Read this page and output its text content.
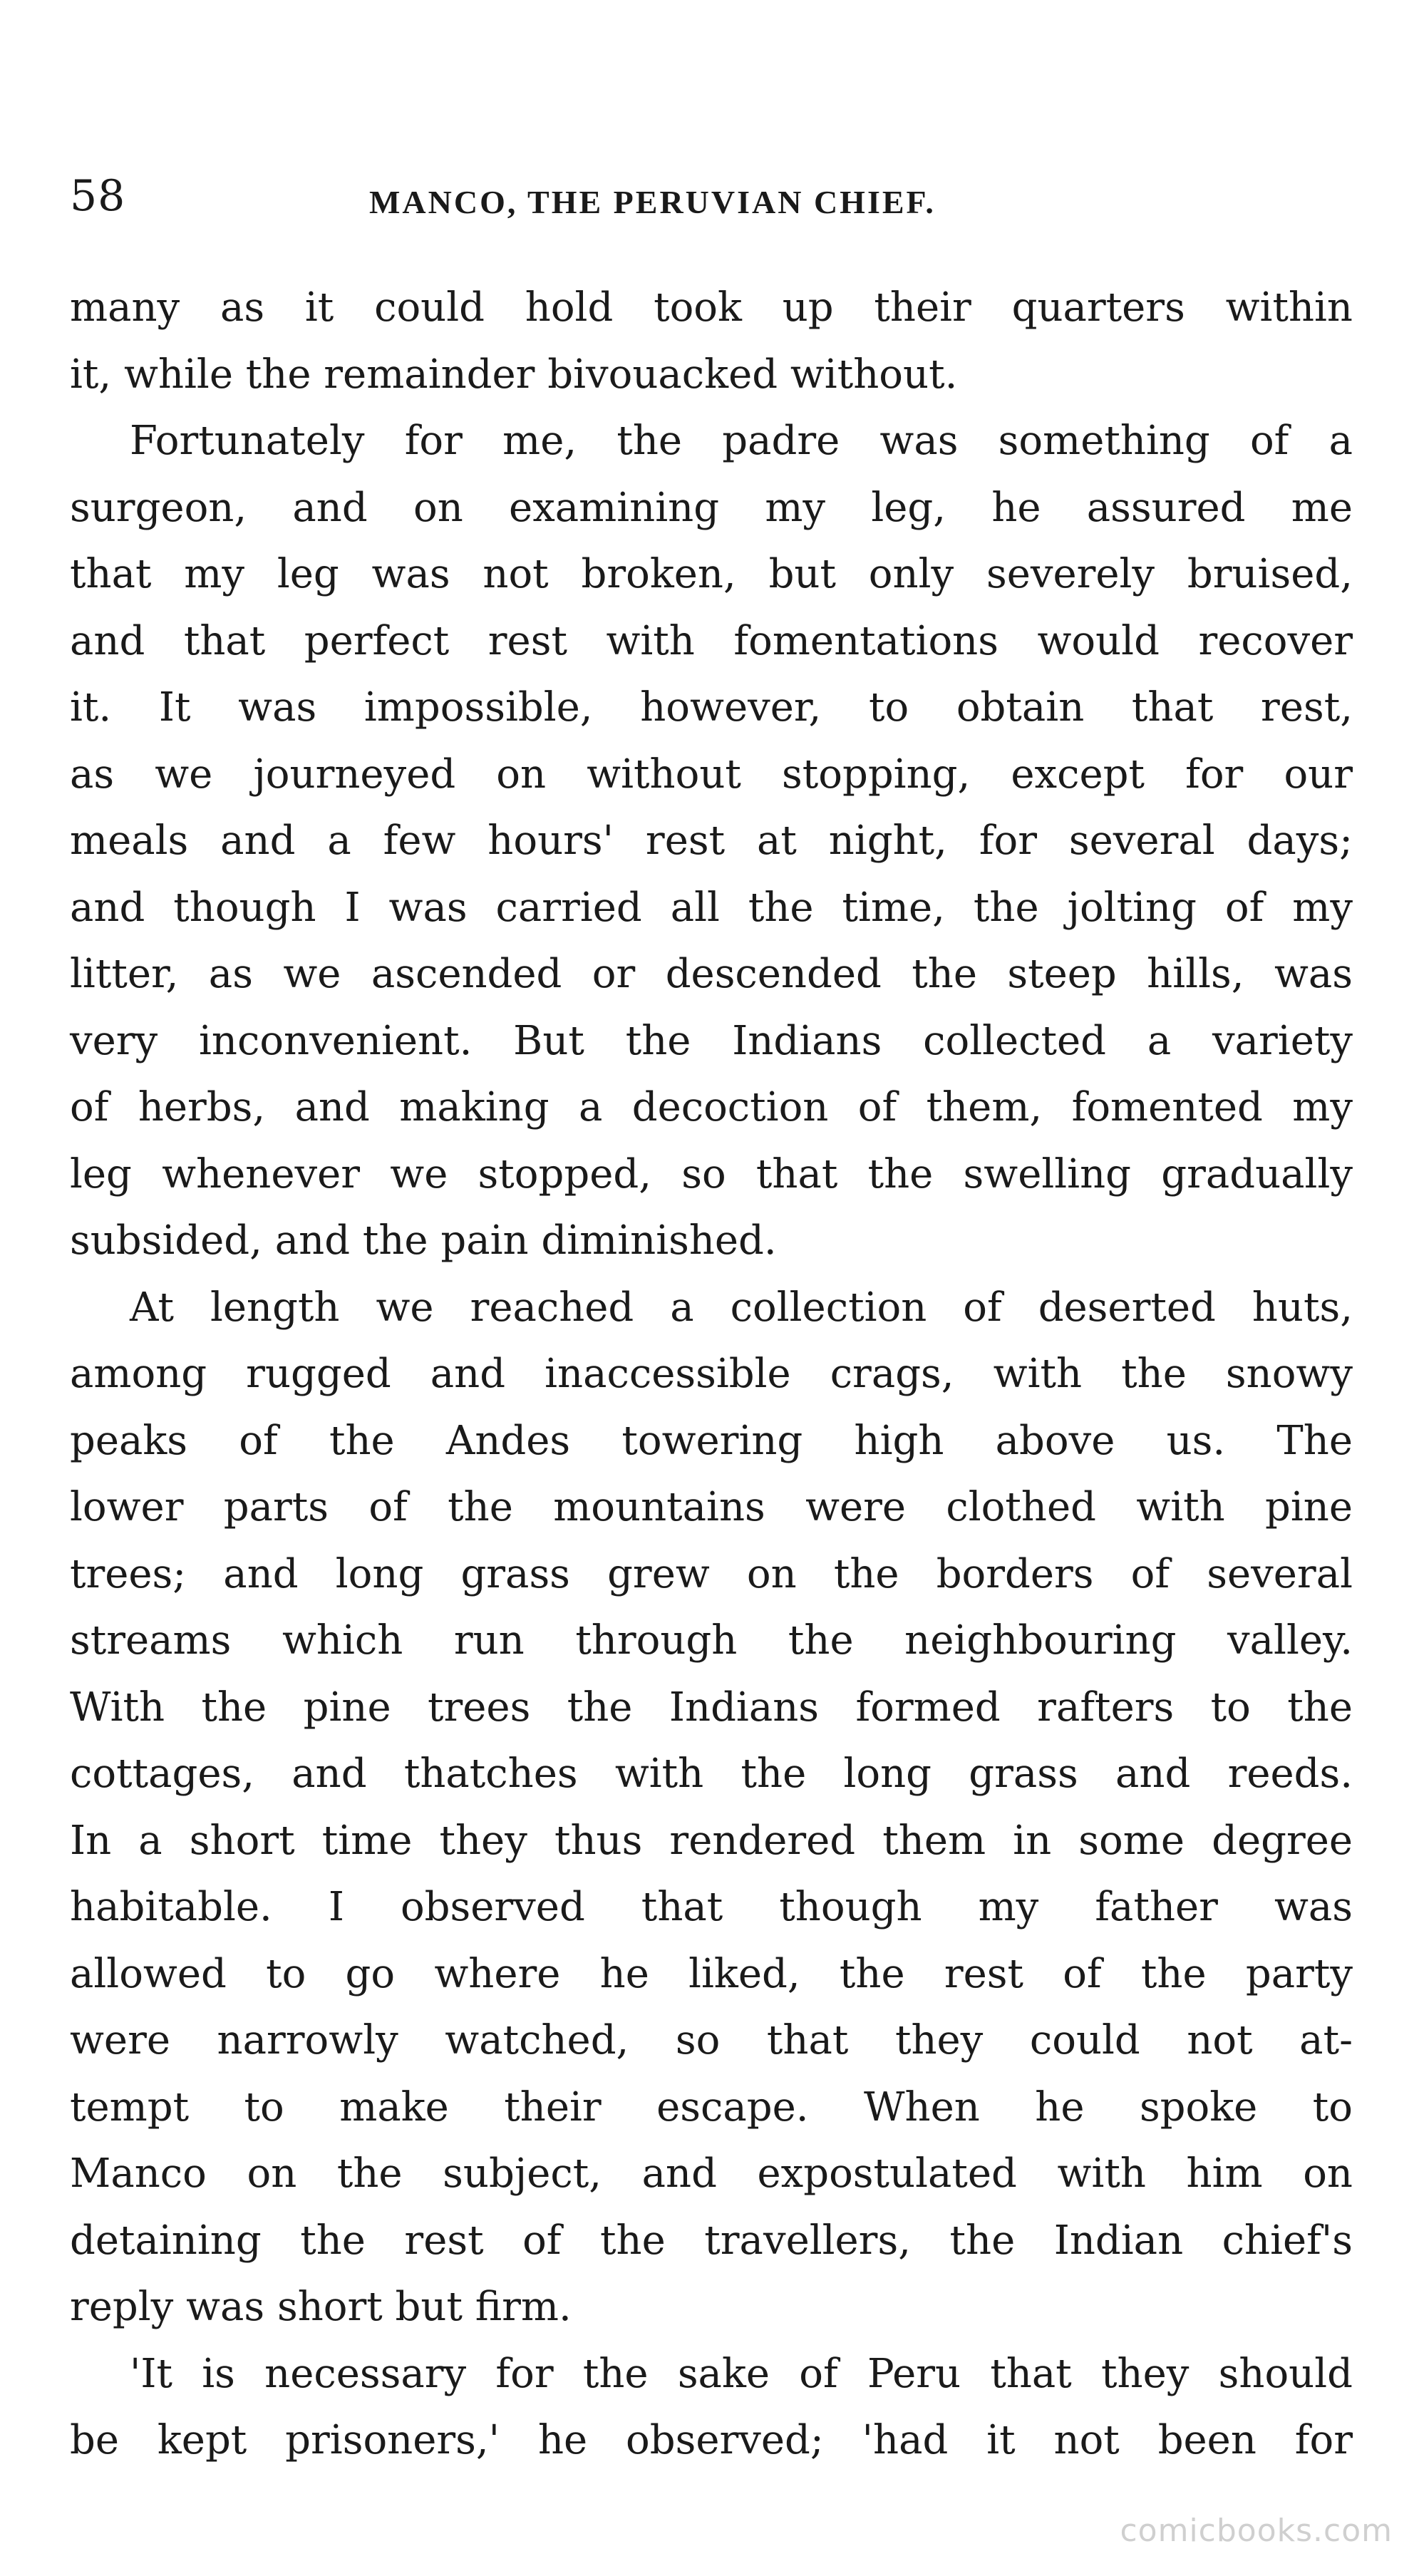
58	MANCO, THE PERUVIAN CHIEF.
many as it could hold took up their quarters within
it, while the remainder bivouacked without.
Fortunately for me, the padre was something of a
surgeon, and on examining my leg, he assured me
that my leg was not broken, but only severely bruised,
and that perfect rest with fomentations would recover
it. It was impossible, however, to obtain that rest,
as we journeyed on without stopping, except for our
meals and a few hours' rest at night, for several days;
and though I was carried all the time, the jolting of my
litter, as we ascended or descended the steep hills, was
very inconvenient. But the Indians collected a variety
of herbs, and making a decoction of them, fomented my
leg whenever we stopped, so that the swelling gradually
subsided, and the pain diminished.
At length we reached a collection of deserted huts,
among rugged and inaccessible crags, with the snowy
peaks of the Andes towering high above us. The
lower parts of the mountains were clothed with pine
trees; and long grass grew on the borders of several
streams which run through the neighbouring valley.
With the pine trees the Indians formed rafters to the
cottages, and thatches with the long grass and reeds.
In a short time they thus rendered them in some degree
habitable. I observed that though my father was
allowed to go where he liked, the rest of the party
were narrowly watched, so that they could not at-
tempt to make their escape. When he spoke to
Manco on the subject, and expostulated with him on
detaining the rest of the travellers, the Indian chief's
reply was short but firm.
'It is necessary for the sake of Peru that they should
be kept prisoners,' he observed; 'had it not been for
comicbooks.com
